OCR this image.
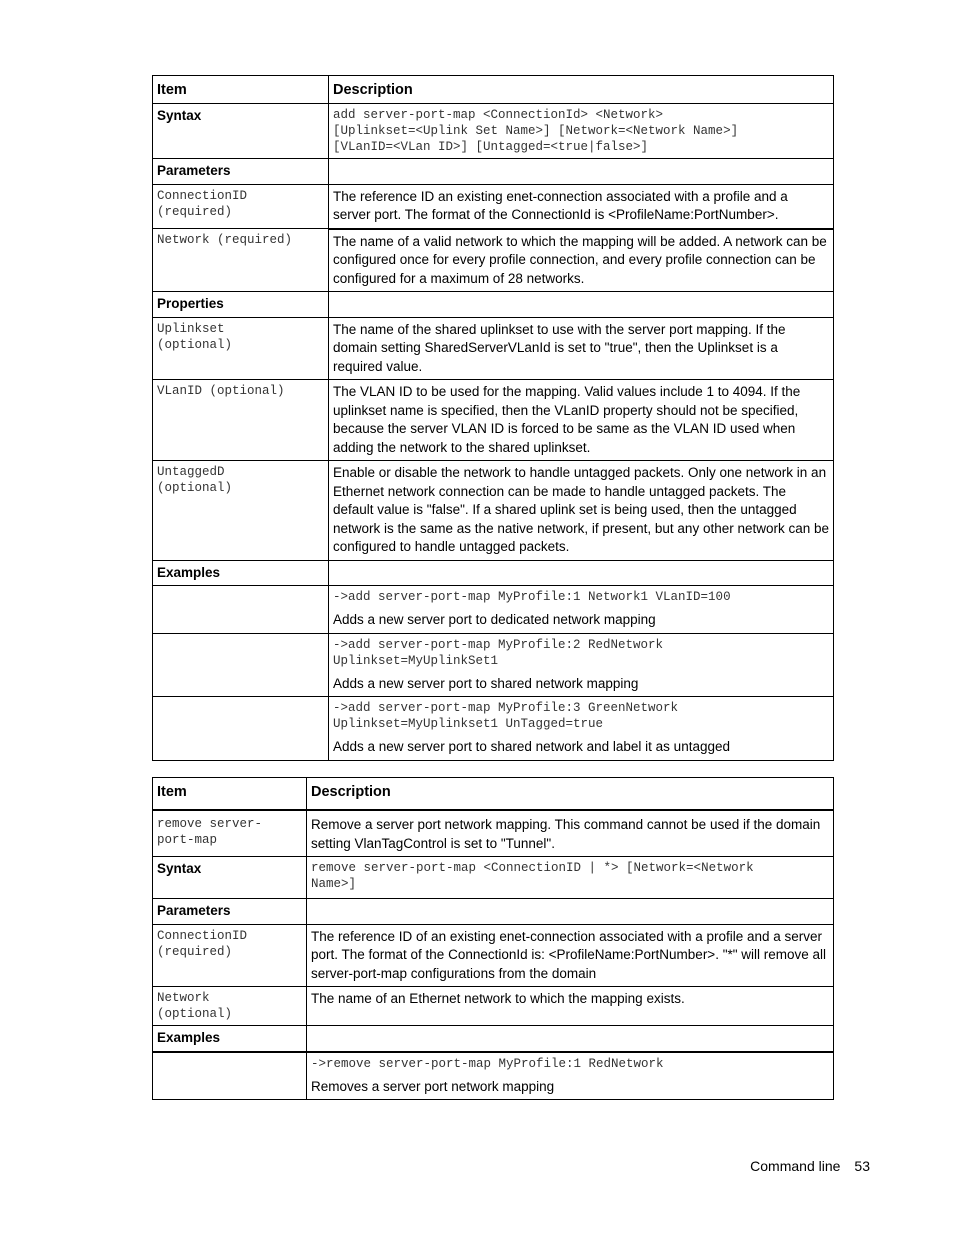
Item	Description
Syntax	add server-port-map <ConnectionId> <Network>
[Uplinkset=<Uplink Set Name>] [Network=<Network Name>]
[VLanID=<VLan ID>] [Untagged=<true|false>]

Parameters	

ConnectionID
(required)	The reference ID an existing enet-connection associated with a profile and a server port. The format of the ConnectionId is <ProfileName:PortNumber>.

Network (required)	The name of a valid network to which the mapping will be added. A network can be configured once for every profile connection, and every profile connection can be configured for a maximum of 28 networks.
Properties	

Uplinkset
(optional)	The name of the shared uplinkset to use with the server port mapping. If the domain setting SharedServerVLanId is set to "true", then the Uplinkset is a required value.

VLanID (optional)	The VLAN ID to be used for the mapping. Valid values include 1 to 4094. If the uplinkset name is specified, then the VLanID property should not be specified, because the server VLAN ID is forced to be same as the VLAN ID used when adding the network to the shared uplinkset.

UntaggedD
(optional)	Enable or disable the network to handle untagged packets. Only one network in an Ethernet network connection can be made to handle untagged packets. The default value is "false". If a shared uplink set is being used, then the untagged network is the same as the native network, if present, but any other network can be configured to handle untagged packets.
Examples	

	->add server-port-map MyProfile:1 Network1 VLanID=100
Adds a new server port to dedicated network mapping

	->add server-port-map MyProfile:2 RedNetwork
Uplinkset=MyUplinkSet1
Adds a new server port to shared network mapping

	->add server-port-map MyProfile:3 GreenNetwork
Uplinkset=MyUplinkset1 UnTagged=true
Adds a new server port to shared network and label it as untagged
Item	Description

remove server-
port-map	Remove a server port network mapping. This command cannot be used if the domain setting VlanTagControl is set to "Tunnel".
Syntax	remove server-port-map <ConnectionID | *> [Network=<Network
Name>]

Parameters	

ConnectionID
(required)	The reference ID of an existing enet-connection associated with a profile and a server port. The format of the ConnectionId is: <ProfileName:PortNumber>. "*" will remove all server-port-map configurations from the domain

Network
(optional)	The name of an Ethernet network to which the mapping exists.
Examples	

	->remove server-port-map MyProfile:1 RedNetwork
Removes a server port network mapping
Command line 53
